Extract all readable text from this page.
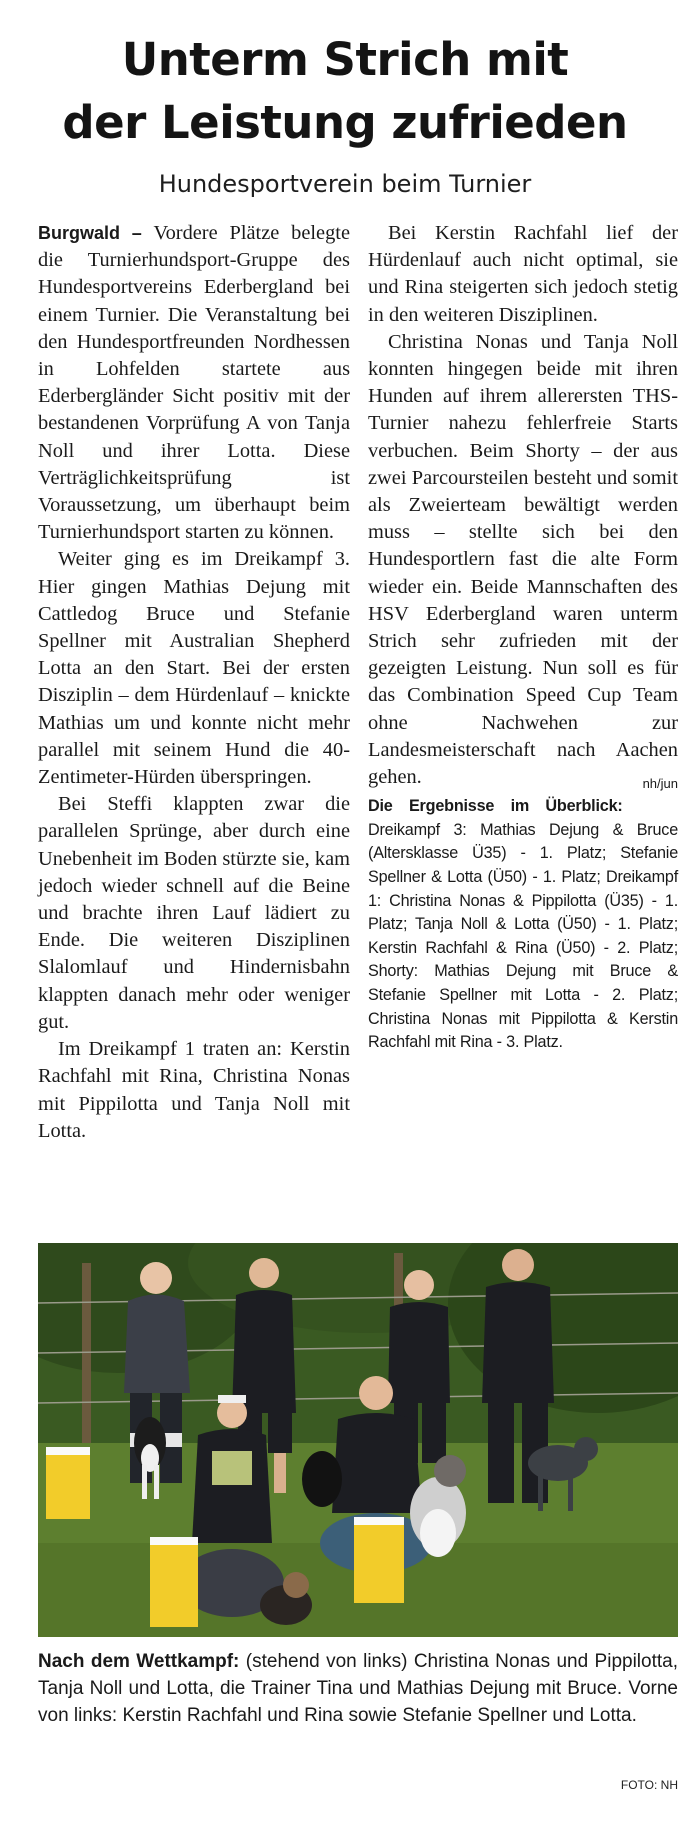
Unterm Strich mit
der Leistung zufrieden
Hundesportverein beim Turnier

Burgwald – Vordere Plätze belegte die Turnierhundsport-Gruppe des Hundesportvereins Ederbergland bei einem Turnier. Die Veranstaltung bei den Hundesportfreunden Nordhessen in Lohfelden startete aus Ederbergländer Sicht positiv mit der bestandenen Vorprüfung A von Tanja Noll und ihrer Lotta. Diese Verträglichkeitsprüfung ist Voraussetzung, um überhaupt beim Turnierhundsport starten zu können.

Weiter ging es im Dreikampf 3. Hier gingen Mathias Dejung mit Cattledog Bruce und Stefanie Spellner mit Australian Shepherd Lotta an den Start. Bei der ersten Disziplin – dem Hürdenlauf – knickte Mathias um und konnte nicht mehr parallel mit seinem Hund die 40-Zentimeter-Hürden überspringen.

Bei Steffi klappten zwar die parallelen Sprünge, aber durch eine Unebenheit im Boden stürzte sie, kam jedoch wieder schnell auf die Beine und brachte ihren Lauf lädiert zu Ende. Die weiteren Disziplinen Slalomlauf und Hindernisbahn klappten danach mehr oder weniger gut.

Im Dreikampf 1 traten an: Kerstin Rachfahl mit Rina, Christina Nonas mit Pippilotta und Tanja Noll mit Lotta.

Bei Kerstin Rachfahl lief der Hürdenlauf auch nicht optimal, sie und Rina steigerten sich jedoch stetig in den weiteren Disziplinen.

Christina Nonas und Tanja Noll konnten hingegen beide mit ihren Hunden auf ihrem allerersten THS-Turnier nahezu fehlerfreie Starts verbuchen. Beim Shorty – der aus zwei Parcoursteilen besteht und somit als Zweierteam bewältigt werden muss – stellte sich bei den Hundesportlern fast die alte Form wieder ein. Beide Mannschaften des HSV Ederbergland waren unterm Strich sehr zufrieden mit der gezeigten Leistung. Nun soll es für das Combination Speed Cup Team ohne Nachwehen zur Landesmeisterschaft nach Aachen gehen.	nh/jun

Die Ergebnisse im Überblick: Dreikampf 3: Mathias Dejung & Bruce (Altersklasse Ü35) - 1. Platz; Stefanie Spellner & Lotta (Ü50) - 1. Platz; Dreikampf 1: Christina Nonas & Pippilotta (Ü35) - 1. Platz; Tanja Noll & Lotta (Ü50) - 1. Platz; Kerstin Rachfahl & Rina (Ü50) - 2. Platz; Shorty: Mathias Dejung mit Bruce & Stefanie Spellner mit Lotta - 2. Platz; Christina Nonas mit Pippilotta & Kerstin Rachfahl mit Rina - 3. Platz.
Nach dem Wettkampf: (stehend von links) Christina Nonas und Pippilotta, Tanja Noll und Lotta, die Trainer Tina und Mathias Dejung mit Bruce. Vorne von links: Kerstin Rachfahl und Rina sowie Stefanie Spellner und Lotta.
FOTO: NH
